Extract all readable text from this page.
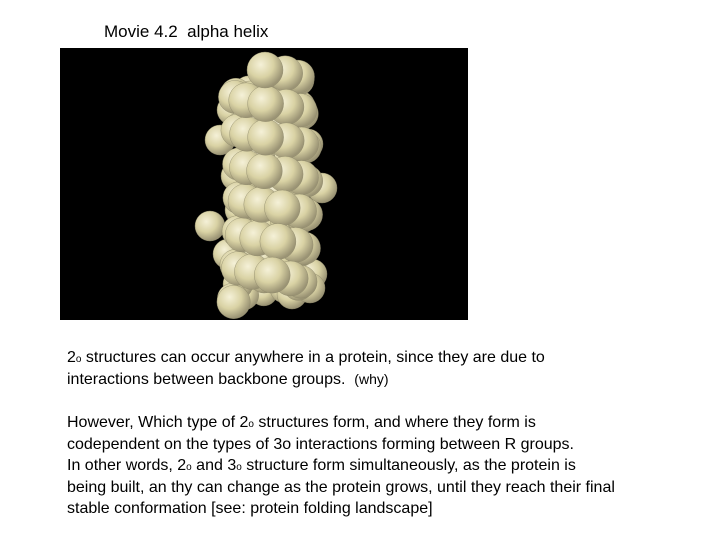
Movie 4.2  alpha helix
2$^o$ structures can occur anywhere in a protein, since they are due to
interactions between backbone groups.  (why)
However, Which type of 2$^o$ structures form, and where they form is
codependent on the types of 3o interactions forming between R groups.
In other words, 2$^o$ and 3$^o$ structure form simultaneously, as the protein is
being built, an thy can change as the protein grows, until they reach their final
stable conformation [see: protein folding landscape]
